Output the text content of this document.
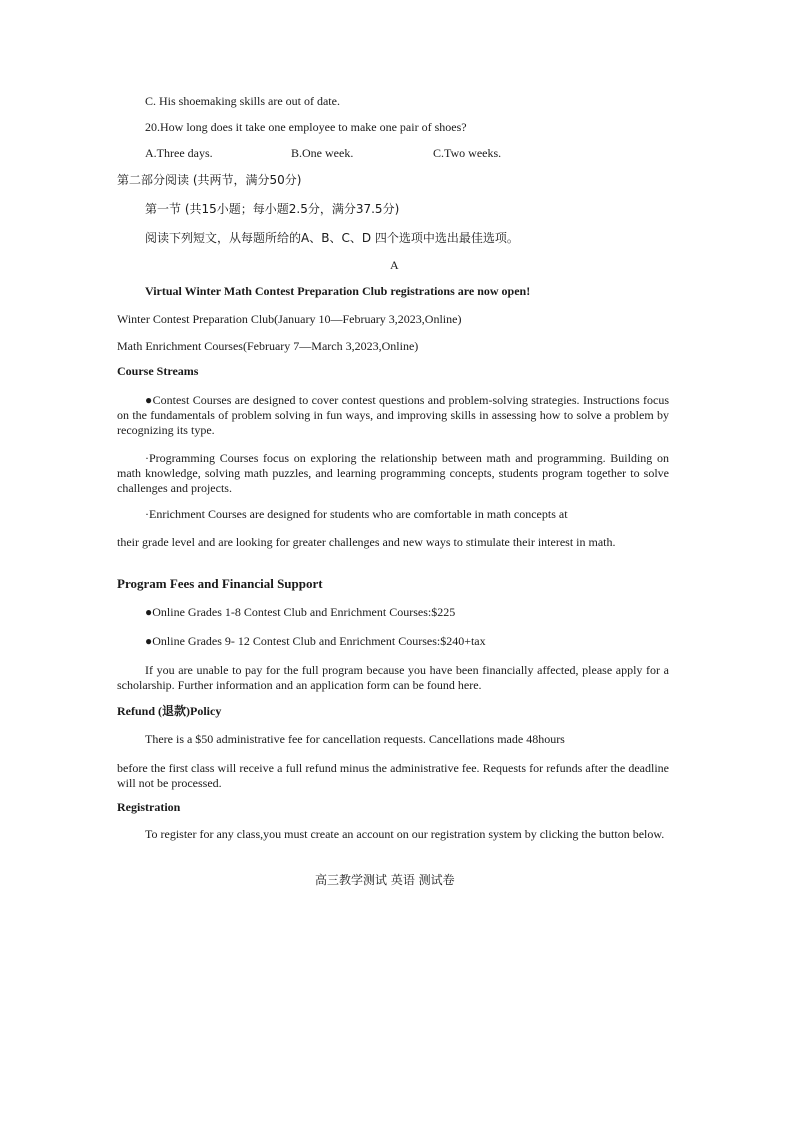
C. His shoemaking skills are out of date.
20.How long does it take one employee to make one pair of shoes?
A.Three days.	B.One week.	C.Two weeks.
第二部分阅读 (共两节，满分50分)
第一节 (共15小题；每小题2.5分，满分37.5分)
阅读下列短文，从每题所给的A、B、C、D 四个选项中选出最佳选项。
A
Virtual Winter Math Contest Preparation Club registrations are now open!
Winter Contest Preparation Club(January 10—February 3,2023,Online)
Math Enrichment Courses(February 7—March 3,2023,Online)
Course Streams
●Contest Courses are designed to cover contest questions and problem-solving strategies. Instructions focus on the fundamentals of problem solving in fun ways, and improving skills in assessing how to solve a problem by recognizing its type.
·Programming Courses focus on exploring the relationship between math and programming. Building on math knowledge, solving math puzzles, and learning programming concepts, students program together to solve challenges and projects.
·Enrichment Courses are designed for students who are comfortable in math concepts at
their grade level and are looking for greater challenges and new ways to stimulate their interest in math.
Program Fees and Financial Support
●Online Grades 1-8 Contest Club and Enrichment Courses:$225
●Online Grades 9- 12 Contest Club and Enrichment Courses:$240+tax
If you are unable to pay for the full program because you have been financially affected, please apply for a scholarship. Further information and an application form can be found here.
Refund (退款)Policy
There is a $50 administrative fee for cancellation requests. Cancellations made 48hours
before the first class will receive a full refund minus the administrative fee. Requests for refunds after the deadline will not be processed.
Registration
To register for any class,you must create an account on our registration system by clicking the button below.
高三教学测试 英语 测试卷
